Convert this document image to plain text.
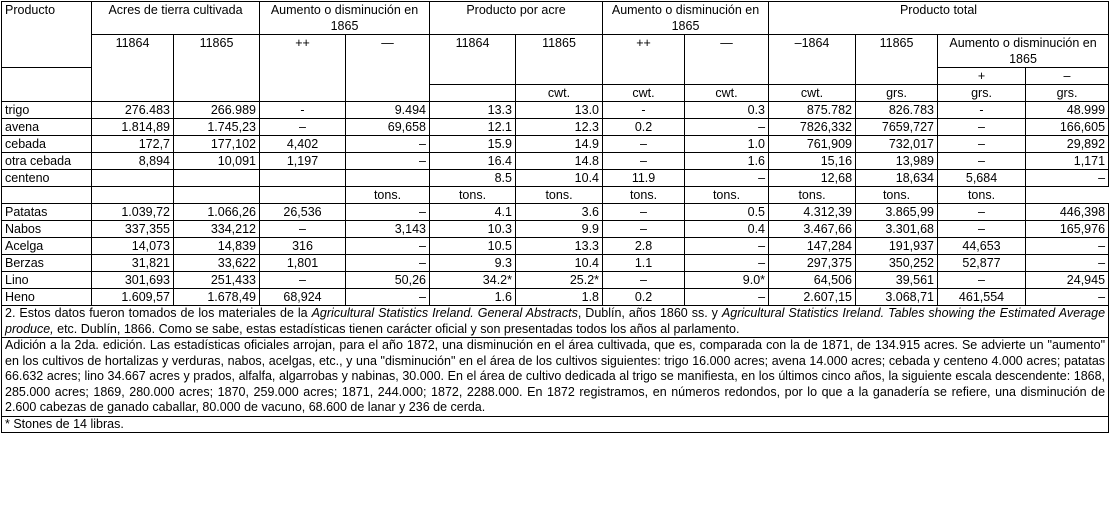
Producto	Acres de tierra cultivada		Aumento o disminución en 1865		Producto por acre		Aumento o disminución en 1865		Producto total			
	11864	11865	++	—	11864	11865	++	—	–1864	11865	Aumento o disminución en 1865	
											+	–
						cwt.	cwt.	cwt.	cwt.	grs.	grs.	grs.
trigo	276.483	266.989	-	9.494	13.3	13.0	-	0.3	875.782	826.783	-	48.999
avena	1.814,89	1.745,23	–	69,658	12.1	12.3	0.2	–	7826,332	7659,727	–	166,605
cebada	172,7	177,102	4,402	–	15.9	14.9	–	1.0	761,909	732,017	–	29,892
otra cebada	8,894	10,091	1,197	–	16.4	14.8	–	1.6	15,16	13,989	–	1,171
centeno					8.5	10.4	11.9	–	12,68	18,634	5,684	–
				tons.	tons.	tons.	tons.	tons.	tons.	tons.	tons.	
Patatas	1.039,72	1.066,26	26,536	–	4.1	3.6	–	0.5	4.312,39	3.865,99	–	446,398
Nabos	337,355	334,212	–	3,143	10.3	9.9	–	0.4	3.467,66	3.301,68	–	165,976
Acelga	14,073	14,839	316	–	10.5	13.3	2.8	–	147,284	191,937	44,653	–
Berzas	31,821	33,622	1,801	–	9.3	10.4	1.1	–	297,375	350,252	52,877	–
Lino	301,693	251,433	–	50,26	34.2*	25.2*	–	9.0*	64,506	39,561	–	24,945
Heno	1.609,57	1.678,49	68,924	–	1.6	1.8	0.2	–	2.607,15	3.068,71	461,554	–
2. Estos datos fueron tomados de los materiales de la Agricultural Statistics Ireland. General Abstracts, Dublín, años 1860 ss. y Agricultural Statistics Ireland. Tables showing the Estimated Average produce, etc. Dublín, 1866. Como se sabe, estas estadísticas tienen carácter oficial y son presentadas todos los años al parlamento.												
Adición a la 2da. edición. Las estadísticas oficiales arrojan, para el año 1872, una disminución en el área cultivada, que es, comparada con la de 1871, de 134.915 acres. Se advierte un "aumento" en los cultivos de hortalizas y verduras, nabos, acelgas, etc., y una "disminución" en el área de los cultivos siguientes: trigo 16.000 acres; avena 14.000 acres; cebada y centeno 4.000 acres; patatas 66.632 acres; lino 34.667 acres y prados, alfalfa, algarrobas y nabinas, 30.000. En el área de cultivo dedicada al trigo se manifiesta, en los últimos cinco años, la siguiente escala descendente: 1868, 285.000 acres; 1869, 280.000 acres; 1870, 259.000 acres; 1871, 244.000; 1872, 2288.000. En 1872 registramos, en números redondos, por lo que a la ganadería se refiere, una disminución de 2.600 cabezas de ganado caballar, 80.000 de vacuno, 68.600 de lanar y 236 de cerda.												
* Stones de 14 libras.												
